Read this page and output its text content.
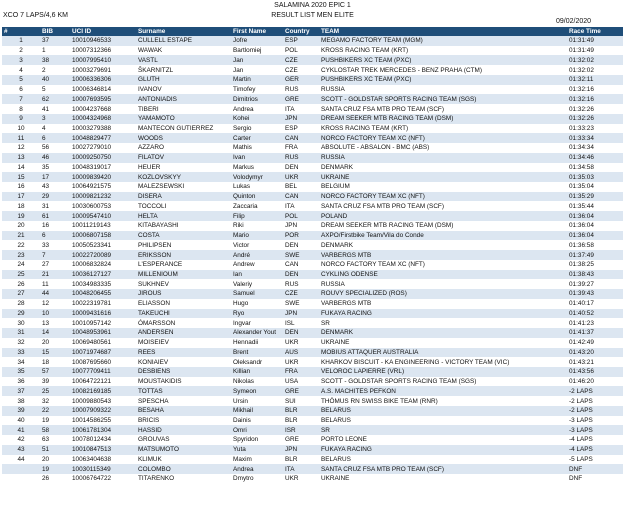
SALAMINA 2020 EPIC 1
RESULT LIST MEN ELITE
XCO 7 LAPS/4,6 KM
09/02/2020
#	BIB	UCI ID	Surname	First Name	Country	TEAM	Race Time
1	37	10010946533	CULLELL ESTAPE	Jofre	ESP	MEGAMO FACTORY TEAM (MGM)	01:31:49
2	1	10007312366	WAWAK	Bartlomiej	POL	KROSS RACING TEAM (KRT)	01:31:49
3	38	10007995410	VASTL	Jan	CZE	PUSHBIKERS XC TEAM (PXC)	01:32:02
4	2	10003279691	ŠKARNITZL	Jan	CZE	CYKLOSTAR TREK MERCEDES - BENZ PRAHA (CTM)	01:32:02
5	40	10006336306	GLUTH	Martin	GER	PUSHBIKERS XC TEAM (PXC)	01:32:11
6	5	10006346814	IVANOV	Timofey	RUS	RUSSIA	01:32:16
7	62	10007693595	ANTONIADIS	Dimitrios	GRE	SCOTT - GOLDSTAR SPORTS RACING TEAM (SGS)	01:32:16
8	41	10004237668	TIBERI	Andrea	ITA	SANTA CRUZ FSA MTB PRO TEAM (SCF)	01:32:26
9	3	10004324968	YAMAMOTO	Kohei	JPN	DREAM SEEKER MTB RACING TEAM (DSM)	01:32:26
10	4	10003279388	MANTECON GUTIERREZ	Sergio	ESP	KROSS RACING TEAM (KRT)	01:33:23
11	6	10048829477	WOODS	Carter	CAN	NORCO FACTORY TEAM XC (NFT)	01:33:34
12	56	10027279010	AZZARO	Mathis	FRA	ABSOLUTE - ABSALON - BMC (ABS)	01:34:34
13	46	10009250750	FILATOV	Ivan	RUS	RUSSIA	01:34:46
14	35	10048319017	HEUER	Markus	DEN	DENMARK	01:34:58
15	17	10009839420	KOZLOVSKYY	Volodymyr	UKR	UKRAINE	01:35:03
16	43	10064921575	MALEZSEWSKI	Lukas	BEL	BELGIUM	01:35:04
17	29	10009821232	DISERA	Quinton	CAN	NORCO FACTORY TEAM XC (NFT)	01:35:29
18	31	10030600753	TOCCOLI	Zaccaria	ITA	SANTA CRUZ FSA MTB PRO TEAM (SCF)	01:35:44
19	61	10009547410	HELTA	Filip	POL	POLAND	01:36:04
20	16	10011219143	KITABAYASHI	Riki	JPN	DREAM SEEKER MTB RACING TEAM (DSM)	01:36:04
21	6	10006807158	COSTA	Mario	POR	AXPO/Firstbike Team/Vila do Conde	01:36:04
22	33	10050523341	PHILIPSEN	Victor	DEN	DENMARK	01:36:58
23	7	10022720089	ERIKSSON	André	SWE	VARBERGS MTB	01:37:49
24	27	10006832824	L'ESPERANCE	Andrew	CAN	NORCO FACTORY TEAM XC (NFT)	01:38:25
25	21	10036127127	MILLENIOUM	Ian	DEN	CYKLING ODENSE	01:38:43
26	11	10034983335	SUKHNEV	Valeriy	RUS	RUSSIA	01:39:27
27	44	10048206455	JIROUS	Samuel	CZE	ROUVY SPECIALIZED (ROS)	01:39:43
28	12	10022319781	ELIASSON	Hugo	SWE	VARBERGS MTB	01:40:17
29	10	10009431616	TAKEUCHI	Ryo	JPN	FUKAYA RACING	01:40:52
30	13	10010957142	ÓMARSSON	Ingvar	ISL	SR	01:41:23
31	14	10048953961	ANDERSEN	Alexander Yout	DEN	DENMARK	01:41:37
32	20	10069480561	MOISEIEV	Hennadii	UKR	UKRAINE	01:42:49
33	15	10071974687	REES	Brent	AUS	MOBIUS ATTAQUER AUSTRALIA	01:43:20
34	18	10087695660	KONIAIEV	Oleksandr	UKR	KHARKOV BISCUIT - KA ENGINEERING - VICTORY TEAM (VIC)	01:43:21
35	57	10077709411	DESBIENS	Killian	FRA	VELOROC LAPIERRE (VRL)	01:43:56
36	39	10064722121	MOUSTAKIDIS	Nikolas	USA	SCOTT - GOLDSTAR SPORTS RACING TEAM (SGS)	01:46:20
37	25	10082169185	TOTTAS	Symeon	GRE	A.S. MACHITES PEFKON	-2 LAPS
38	32	10009880543	SPESCHA	Ursin	SUI	THÖMUS RN SWISS BIKE TEAM (RNR)	-2 LAPS
39	22	10007909322	BESAHA	Mikhail	BLR	BELARUS	-2 LAPS
40	19	10014586255	BRICIS	Dainis	BLR	BELARUS	-3 LAPS
41	58	10061781304	HASSID	Omri	ISR	SR	-3 LAPS
42	63	10078012434	GROUVAS	Spyridon	GRE	PORTO LEONE	-4 LAPS
43	51	10010847513	MATSUMOTO	Yuta	JPN	FUKAYA RACING	-4 LAPS
44	20	10063404638	KLIMUK	Maxim	BLR	BELARUS	-5 LAPS
	19	10030115349	COLOMBO	Andrea	ITA	SANTA CRUZ FSA MTB PRO TEAM (SCF)	DNF
	26	10006764722	TITARENKO	Dmytro	UKR	UKRAINE	DNF
